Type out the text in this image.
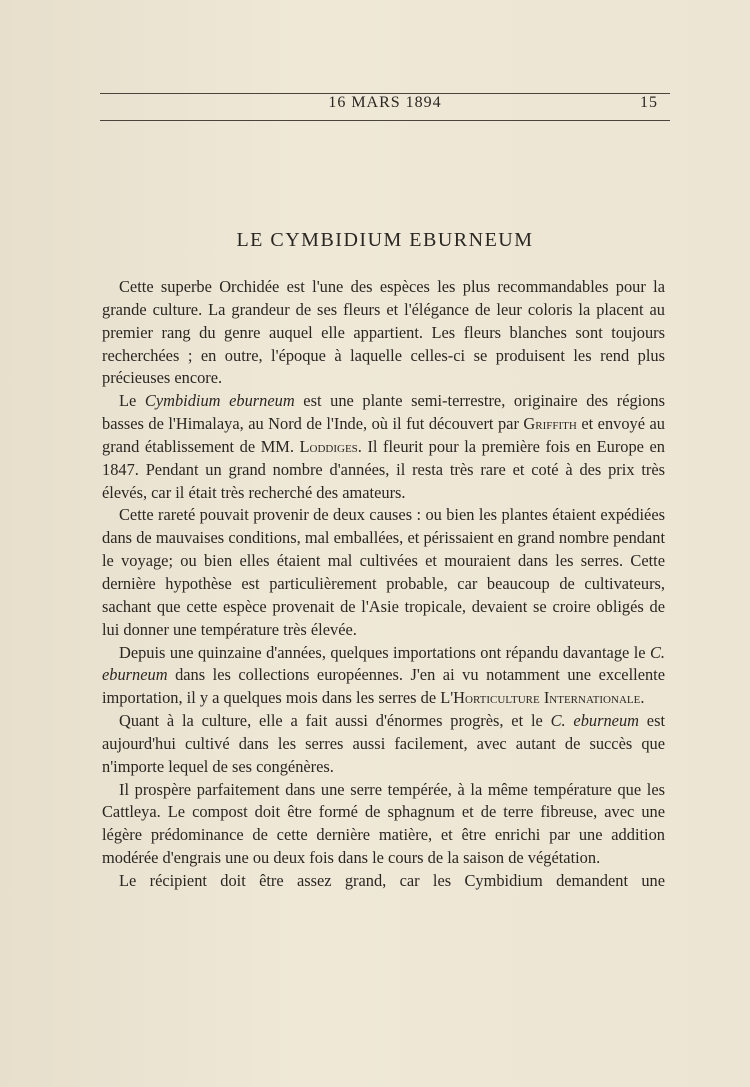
16 MARS 1894	15
LE CYMBIDIUM EBURNEUM

Cette superbe Orchidée est l'une des espèces les plus recommandables pour la grande culture. La grandeur de ses fleurs et l'élégance de leur coloris la placent au premier rang du genre auquel elle appartient. Les fleurs blanches sont toujours recherchées ; en outre, l'époque à laquelle celles-ci se produisent les rend plus précieuses encore.

Le Cymbidium eburneum est une plante semi-terrestre, originaire des régions basses de l'Himalaya, au Nord de l'Inde, où il fut découvert par Griffith et envoyé au grand établissement de MM. Loddiges. Il fleurit pour la première fois en Europe en 1847. Pendant un grand nombre d'années, il resta très rare et coté à des prix très élevés, car il était très recherché des amateurs.

Cette rareté pouvait provenir de deux causes : ou bien les plantes étaient expédiées dans de mauvaises conditions, mal emballées, et périssaient en grand nombre pendant le voyage; ou bien elles étaient mal cultivées et mouraient dans les serres. Cette dernière hypothèse est particulièrement probable, car beaucoup de cultivateurs, sachant que cette espèce provenait de l'Asie tropicale, devaient se croire obligés de lui donner une température très élevée.

Depuis une quinzaine d'années, quelques importations ont répandu davantage le C. eburneum dans les collections européennes. J'en ai vu notamment une excellente importation, il y a quelques mois dans les serres de L'Horticulture Internationale.

Quant à la culture, elle a fait aussi d'énormes progrès, et le C. eburneum est aujourd'hui cultivé dans les serres aussi facilement, avec autant de succès que n'importe lequel de ses congénères.

Il prospère parfaitement dans une serre tempérée, à la même température que les Cattleya. Le compost doit être formé de sphagnum et de terre fibreuse, avec une légère prédominance de cette dernière matière, et être enrichi par une addition modérée d'engrais une ou deux fois dans le cours de la saison de végétation.

Le récipient doit être assez grand, car les Cymbidium demandent une
